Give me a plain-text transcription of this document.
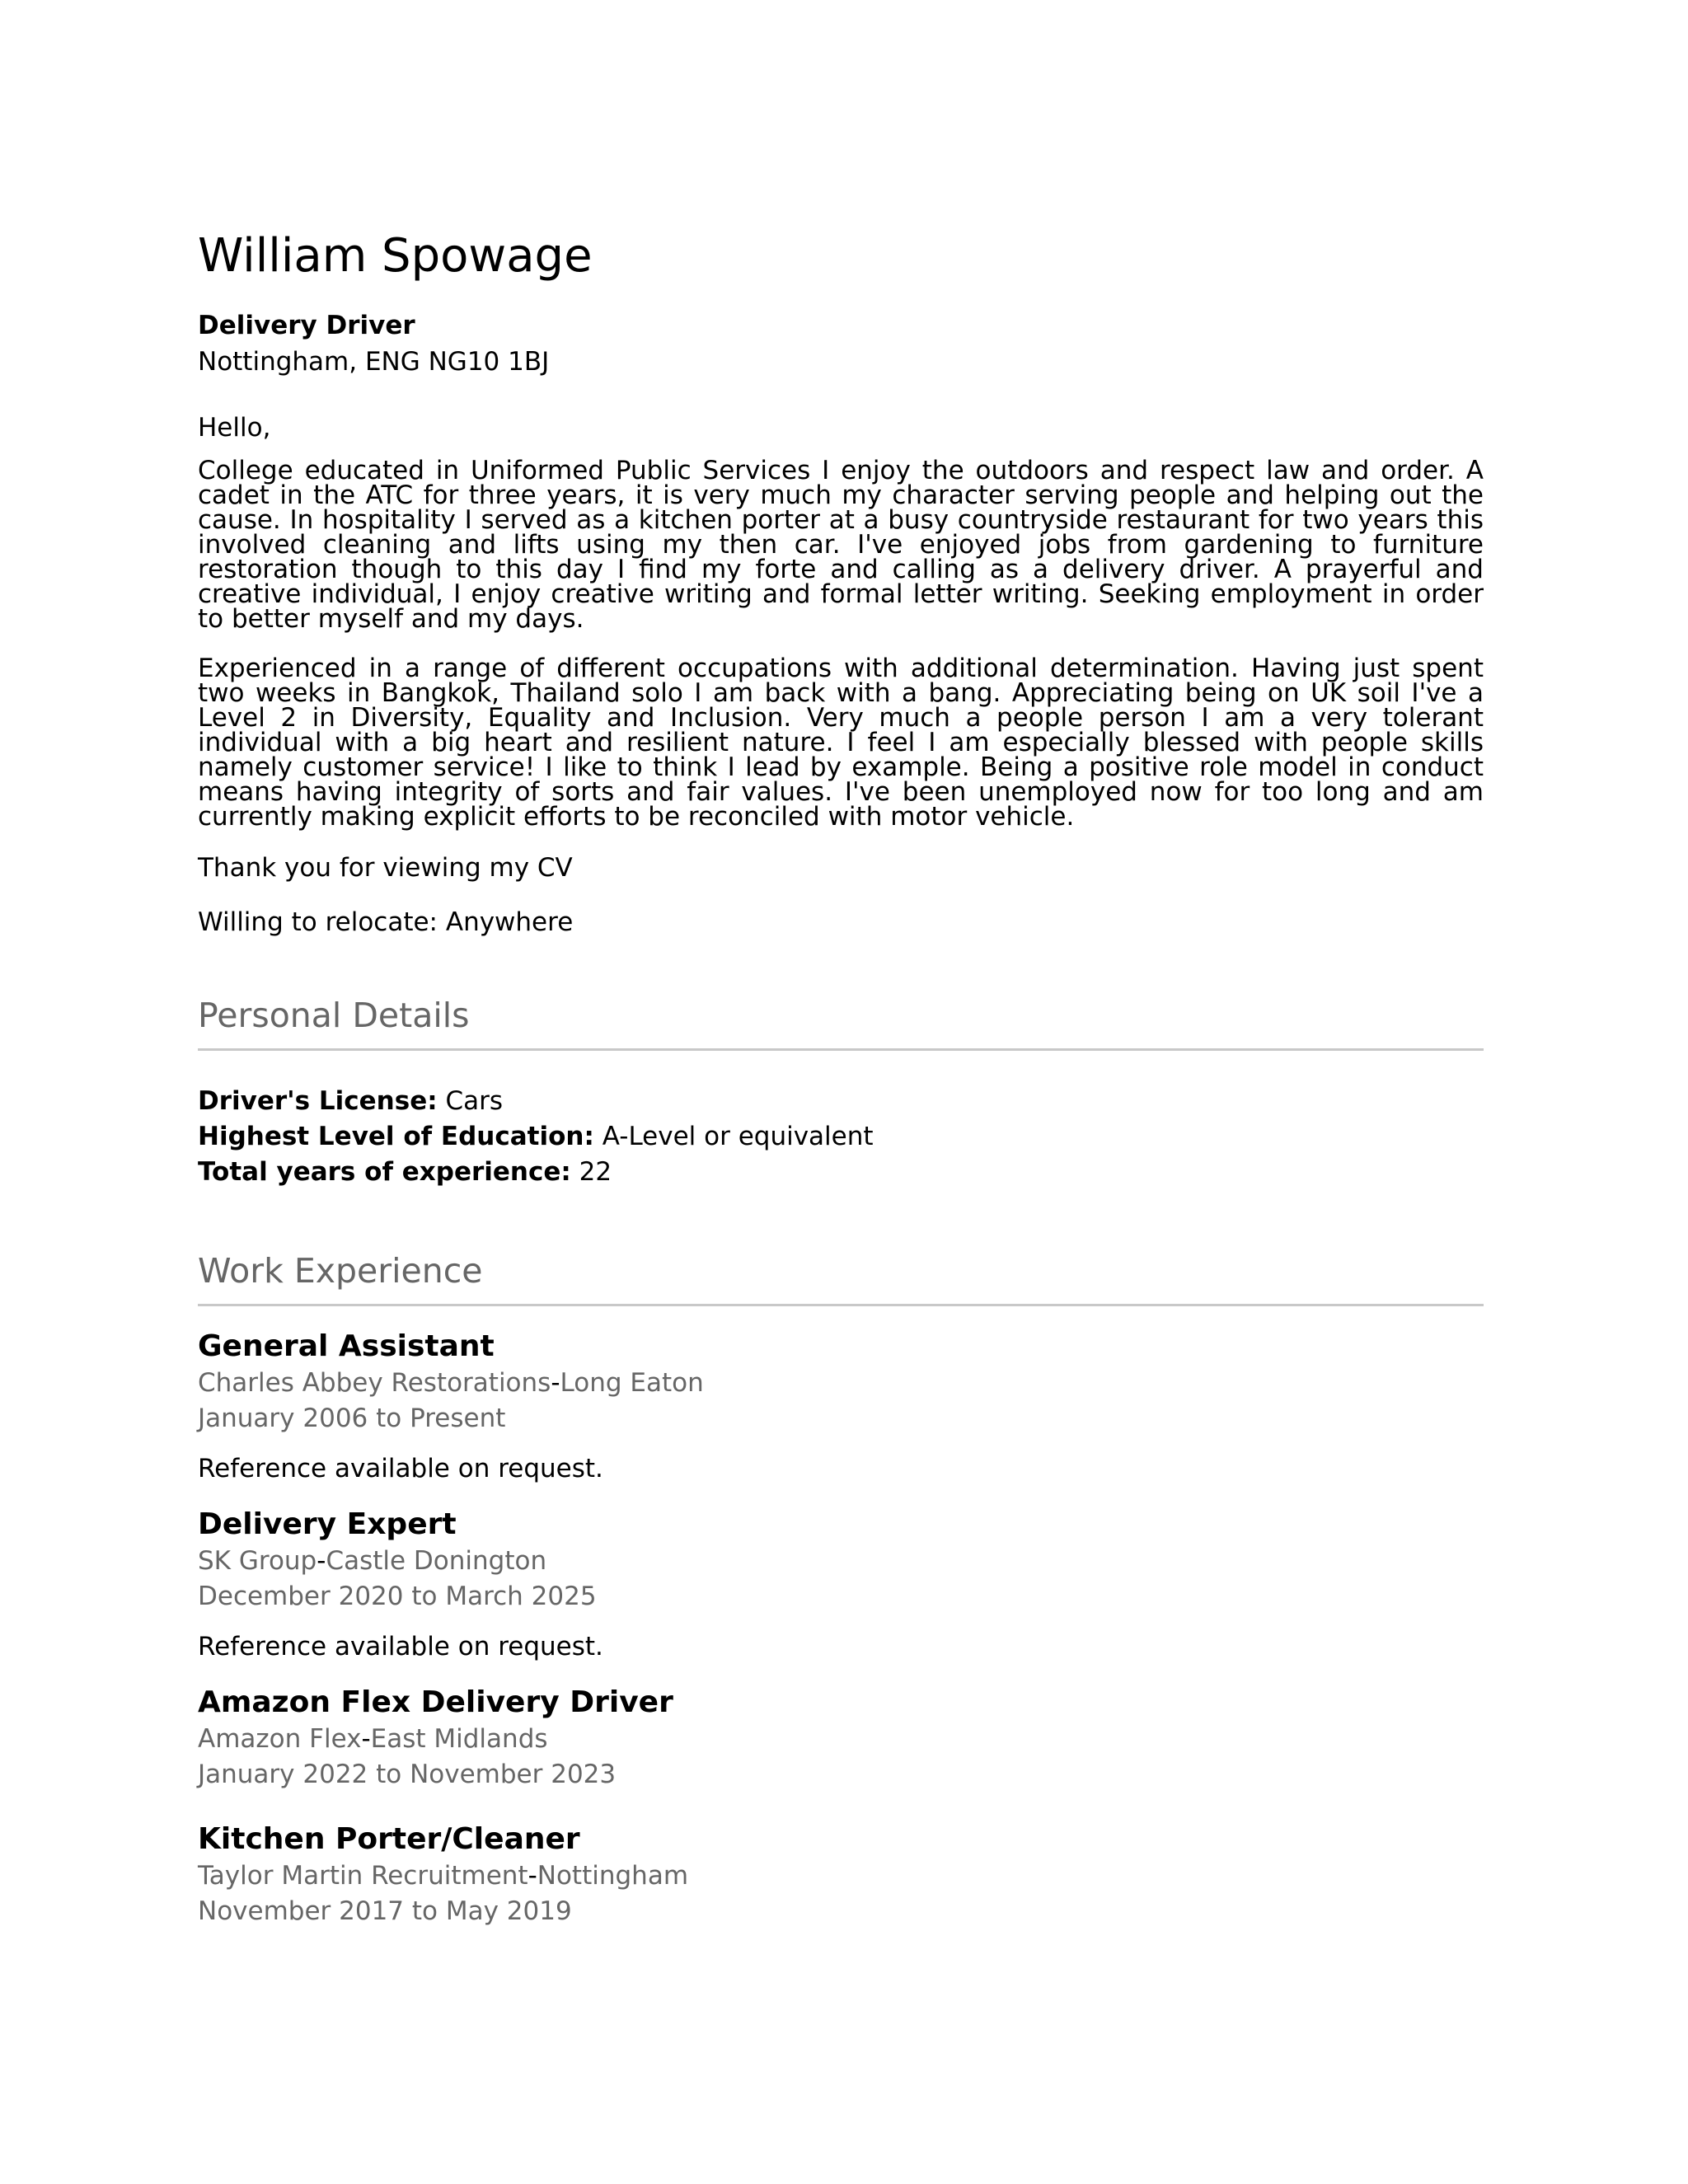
William Spowage
Delivery Driver
Nottingham, ENG NG10 1BJ

Hello,

College educated in Uniformed Public Services I enjoy the outdoors and respect law and order. A cadet in the ATC for three years, it is very much my character serving people and helping out the cause. In hospitality I served as a kitchen porter at a busy countryside restaurant for two years this involved cleaning and lifts using my then car. I've enjoyed jobs from gardening to furniture restoration though to this day I find my forte and calling as a delivery driver. A prayerful and creative individual, I enjoy creative writing and formal letter writing. Seeking employment in order to better myself and my days.

Experienced in a range of different occupations with additional determination. Having just spent two weeks in Bangkok, Thailand solo I am back with a bang. Appreciating being on UK soil I've a Level 2 in Diversity, Equality and Inclusion. Very much a people person I am a very tolerant individual with a big heart and resilient nature. I feel I am especially blessed with people skills namely customer service! I like to think I lead by example. Being a positive role model in conduct means having integrity of sorts and fair values. I've been unemployed now for too long and am currently making explicit efforts to be reconciled with motor vehicle.

Thank you for viewing my CV

Willing to relocate: Anywhere

Personal Details
Driver's License: Cars
Highest Level of Education: A-Level or equivalent
Total years of experience: 22
Work Experience
General Assistant
Charles Abbey Restorations-Long Eaton
January 2006 to Present
Reference available on request.
Delivery Expert
SK Group-Castle Donington
December 2020 to March 2025
Reference available on request.
Amazon Flex Delivery Driver
Amazon Flex-East Midlands
January 2022 to November 2023
Kitchen Porter/Cleaner
Taylor Martin Recruitment-Nottingham
November 2017 to May 2019
